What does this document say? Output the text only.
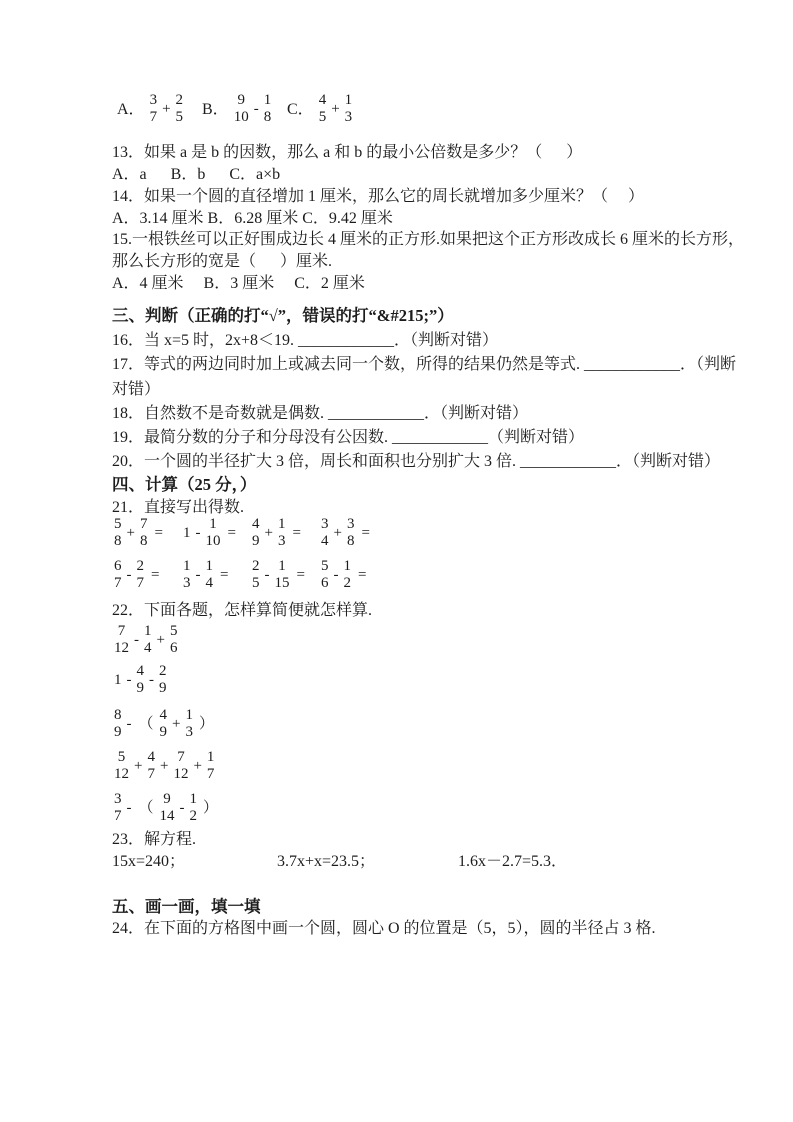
A．
3
7
+
2
5 B．
9
10
-
1
8 C．
4
5
+
1
3
13．如果 a 是 b 的因数，那么 a 和 b 的最小公倍数是多少？（      ）
A．a      B．b      C．a×b
14．如果一个圆的直径增加 1 厘米，那么它的周长就增加多少厘米？（     ）
A．3.14 厘米 B．6.28 厘米 C．9.42 厘米
15.一根铁丝可以正好围成边长 4 厘米的正方形.如果把这个正方形改成长 6 厘米的长方形，
那么长方形的宽是（      ）厘米.
A．4 厘米     B．3 厘米     C．2 厘米
三、判断（正确的打“√”，错误的打“&#215;”）
16．当 x=5 时，2x+8＜19. ____________．（判断对错）
17．等式的两边同时加上或减去同一个数，所得的结果仍然是等式. ____________．（判断
对错）
18．自然数不是奇数就是偶数. ____________．（判断对错）
19．最简分数的分子和分母没有公因数. ____________（判断对错）
20．一个圆的半径扩大 3 倍，周长和面积也分别扩大 3 倍. ____________．（判断对错）
四、计算（25 分，）
21．直接写出得数.
5
8
+
7
8
= 1 -
1
10
=
4
9
+
1
3
=
3
4
+
3
8
=
6
7
-
2
7
=
1
3
-
1
4
=
2
5
-
1
15
=
5
6
-
1
2
=
22．下面各题，怎样算简便就怎样算.
7
12
-
1
4
+
5
6
1 -
4
9
-
2
9
8
9
- （
4
9
+
1
3
）
5
12
+
4
7
+
7
12
+
1
7
3
7
- （
9
14
-
1
2
）
23．解方程.
15x=240；	3.7x+x=23.5；	1.6x－2.7=5.3．
五、画一画，填一填
24．在下面的方格图中画一个圆，圆心 O 的位置是（5，5），圆的半径占 3 格.
